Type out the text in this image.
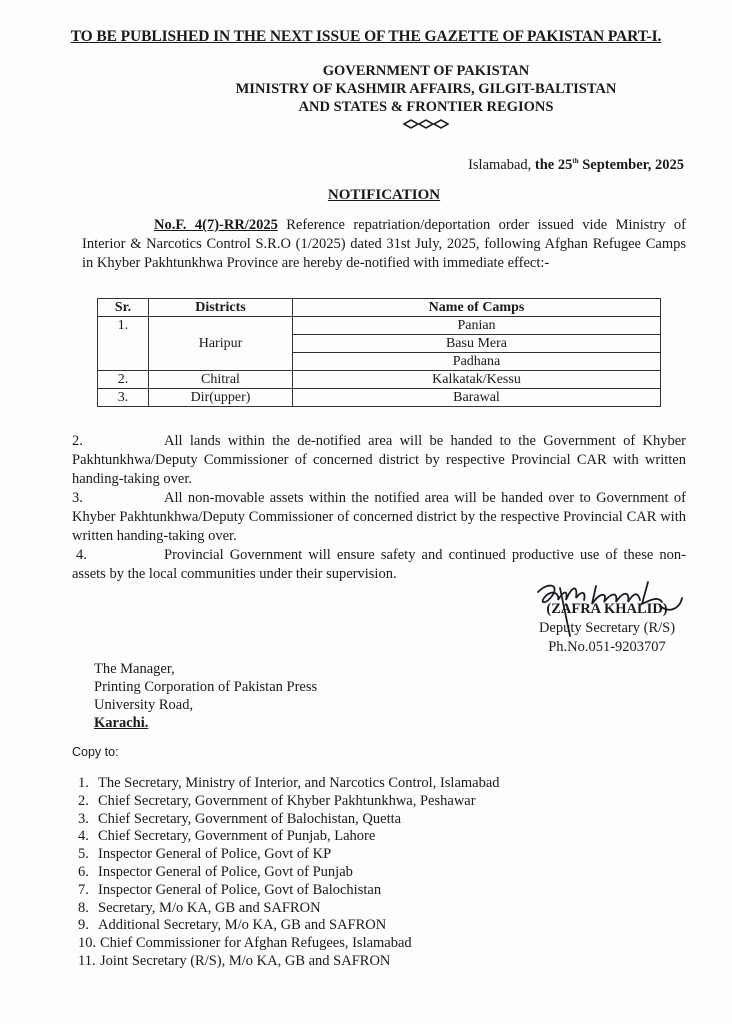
TO BE PUBLISHED IN THE NEXT ISSUE OF THE GAZETTE OF PAKISTAN PART-I.
GOVERNMENT OF PAKISTAN
MINISTRY OF KASHMIR AFFAIRS, GILGIT-BALTISTAN
AND STATES & FRONTIER REGIONS
Islamabad, the 25th September, 2025
NOTIFICATION
No.F. 4(7)-RR/2025 Reference repatriation/deportation order issued vide Ministry of Interior & Narcotics Control S.R.O (1/2025) dated 31st July, 2025, following Afghan Refugee Camps in Khyber Pakhtunkhwa Province are hereby de-notified with immediate effect:-
Sr.	Districts	Name of Camps
1.	Haripur	Panian
		Basu Mera
		Padhana
2.	Chitral	Kalkatak/Kessu
3.	Dir(upper)	Barawal
2.	All lands within the de-notified area will be handed to the Government of Khyber Pakhtunkhwa/Deputy Commissioner of concerned district by respective Provincial CAR with written handing-taking over.
3.	All non-movable assets within the notified area will be handed over to Government of Khyber Pakhtunkhwa/Deputy Commissioner of concerned district by the respective Provincial CAR with written handing-taking over.
4.	Provincial Government will ensure safety and continued productive use of these non-assets by the local communities under their supervision.
(ZAFRA KHALID)
Deputy Secretary (R/S)
Ph.No.051-9203707
The Manager,
Printing Corporation of Pakistan Press
University Road,
Karachi.
Copy to:
1. The Secretary, Ministry of Interior, and Narcotics Control, Islamabad
2. Chief Secretary, Government of Khyber Pakhtunkhwa, Peshawar
3. Chief Secretary, Government of Balochistan, Quetta
4. Chief Secretary, Government of Punjab, Lahore
5. Inspector General of Police, Govt of KP
6. Inspector General of Police, Govt of Punjab
7. Inspector General of Police, Govt of Balochistan
8. Secretary, M/o KA, GB and SAFRON
9. Additional Secretary, M/o KA, GB and SAFRON
10. Chief Commissioner for Afghan Refugees, Islamabad
11. Joint Secretary (R/S), M/o KA, GB and SAFRON
